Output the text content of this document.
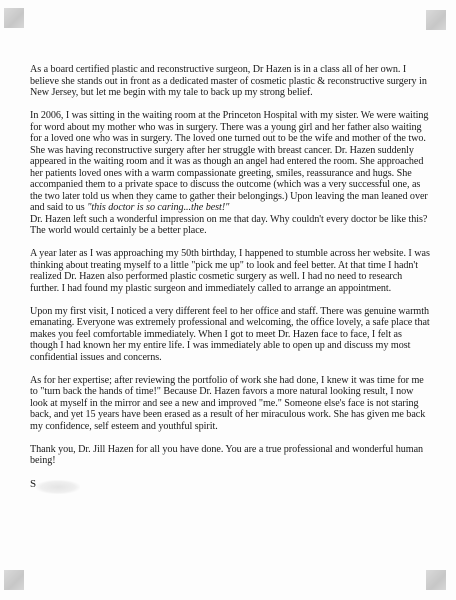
As a board certified plastic and reconstructive surgeon, Dr Hazen is in a class all of her own. I believe she stands out in front as a dedicated master of cosmetic plastic & reconstructive surgery in New Jersey, but let me begin with my tale to back up my strong belief.

In 2006, I was sitting in the waiting room at the Princeton Hospital with my sister. We were waiting for word about my mother who was in surgery. There was a young girl and her father also waiting for a loved one who was in surgery. The loved one turned out to be the wife and mother of the two. She was having reconstructive surgery after her struggle with breast cancer. Dr. Hazen suddenly appeared in the waiting room and it was as though an angel had entered the room. She approached her patients loved ones with a warm compassionate greeting, smiles, reassurance and hugs. She accompanied them to a private space to discuss the outcome (which was a very successful one, as the two later told us when they came to gather their belongings.) Upon leaving the man leaned over and said to us "this doctor is so caring...the best!"
Dr. Hazen left such a wonderful impression on me that day. Why couldn't every doctor be like this? The world would certainly be a better place.

A year later as I was approaching my 50th birthday, I happened to stumble across her website. I was thinking about treating myself to a little "pick me up" to look and feel better. At that time I hadn't realized Dr. Hazen also performed plastic cosmetic surgery as well. I had no need to research further. I had found my plastic surgeon and immediately called to arrange an appointment.

Upon my first visit, I noticed a very different feel to her office and staff. There was genuine warmth emanating. Everyone was extremely professional and welcoming, the office lovely, a safe place that makes you feel comfortable immediately. When I got to meet Dr. Hazen face to face, I felt as though I had known her my entire life. I was immediately able to open up and discuss my most confidential issues and concerns.

As for her expertise; after reviewing the portfolio of work she had done, I knew it was time for me to "turn back the hands of time!" Because Dr. Hazen favors a more natural looking result, I now look at myself in the mirror and see a new and improved "me." Someone else's face is not staring back, and yet 15 years have been erased as a result of her miraculous work. She has given me back my confidence, self esteem and youthful spirit.

Thank you, Dr. Jill Hazen for all you have done. You are a true professional and wonderful human being!

S
